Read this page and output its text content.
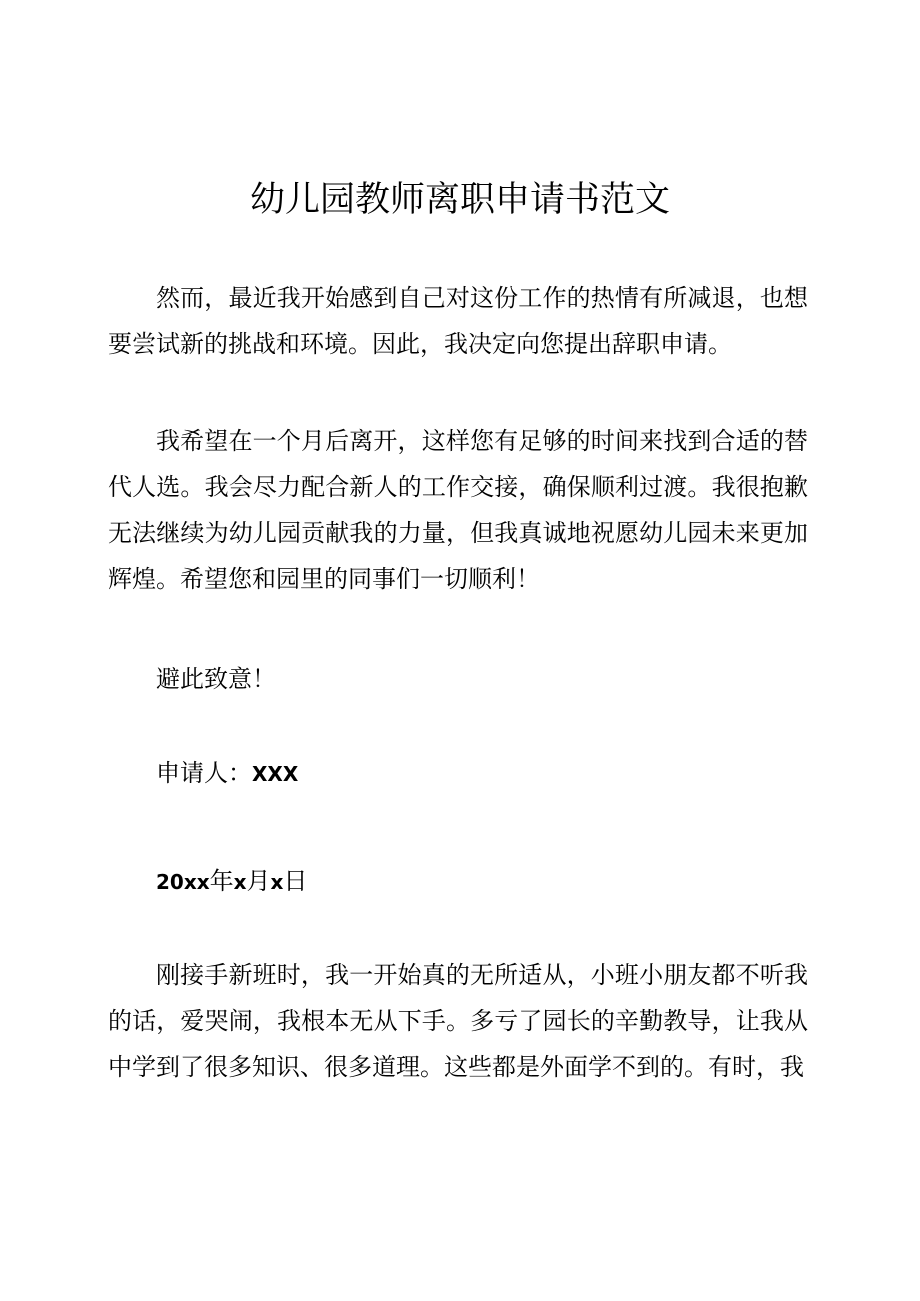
幼儿园教师离职申请书范文

然而，最近我开始感到自己对这份工作的热情有所减退，也想要尝试新的挑战和环境。因此，我决定向您提出辞职申请。

我希望在一个月后离开，这样您有足够的时间来找到合适的替代人选。我会尽力配合新人的工作交接，确保顺利过渡。我很抱歉无法继续为幼儿园贡献我的力量，但我真诚地祝愿幼儿园未来更加辉煌。希望您和园里的同事们一切顺利！

避此致意！

申请人：XXX

20xx年x月x日

刚接手新班时，我一开始真的无所适从，小班小朋友都不听我的话，爱哭闹，我根本无从下手。多亏了园长的辛勤教导，让我从中学到了很多知识、很多道理。这些都是外面学不到的。有时，我
